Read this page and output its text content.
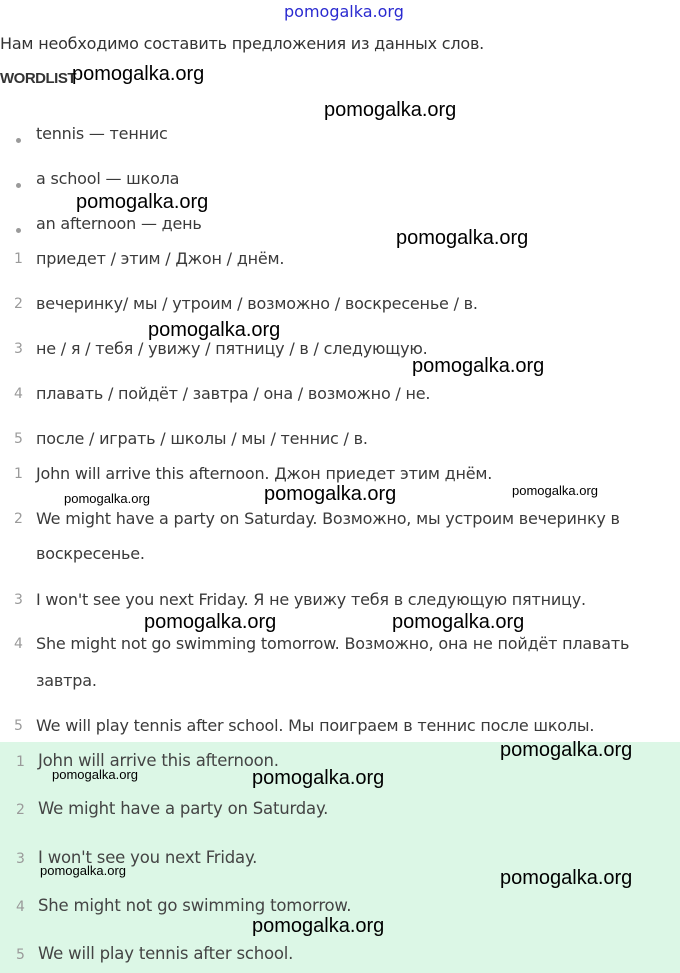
pomogalka.org
Нам необходимо составить предложения из данных слов.
WORDLIST
tennis — теннис
a school — школа
an afternoon — день
1 приедет / этим / Джон / днём.
2 вечеринку/ мы / утроим / возможно / воскресенье / в.
3 не / я / тебя / увижу / пятницу / в / следующую.
4 плавать / пойдёт / завтра / она / возможно / не.
5 после / играть / школы / мы / теннис / в.
1 John will arrive this afternoon. Джон приедет этим днём.
2 We might have a party on Saturday. Возможно, мы устроим вечеринку в
воскресенье.
3 I won't see you next Friday. Я не увижу тебя в следующую пятницу.
4 She might not go swimming tomorrow. Возможно, она не пойдёт плавать
завтра.
5 We will play tennis after school. Мы поиграем в теннис после школы.
1 John will arrive this afternoon.
2 We might have a party on Saturday.
3 I won't see you next Friday.
4 She might not go swimming tomorrow.
5 We will play tennis after school.
pomogalka.org
pomogalka.org
pomogalka.org
pomogalka.org
pomogalka.org
pomogalka.org
pomogalka.org	pomogalka.org	pomogalka.org
pomogalka.org	pomogalka.org
pomogalka.org
pomogalka.org	pomogalka.org
pomogalka.org	pomogalka.org
pomogalka.org
